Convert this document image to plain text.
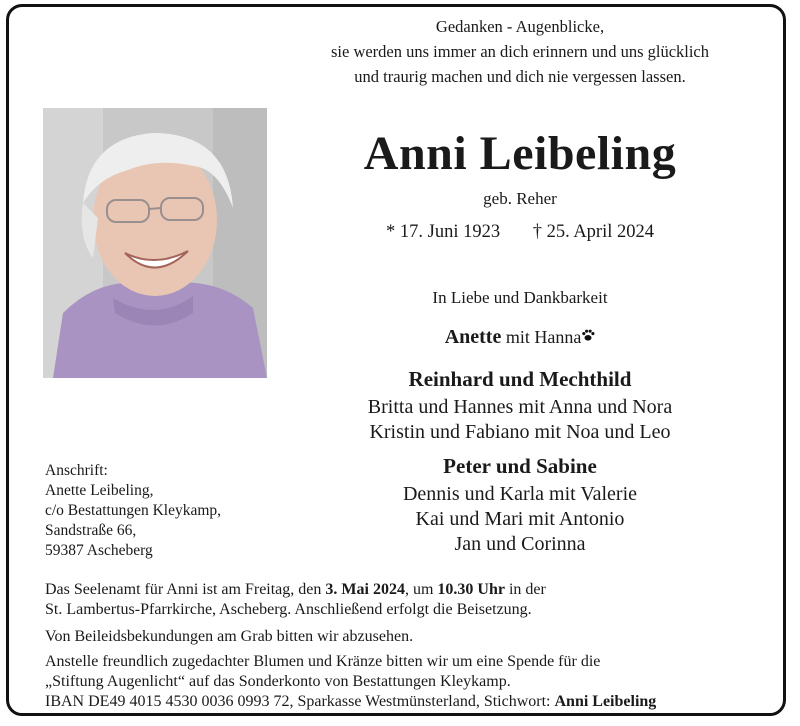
Gedanken - Augenblicke,
sie werden uns immer an dich erinnern und uns glücklich
und traurig machen und dich nie vergessen lassen.
Anni Leibeling
geb. Reher
* 17. Juni 1923 † 25. April 2024
In Liebe und Dankbarkeit
Anette mit Hanna
Reinhard und Mechthild
Britta und Hannes mit Anna und Nora
Kristin und Fabiano mit Noa und Leo
Peter und Sabine
Dennis und Karla mit Valerie
Kai und Mari mit Antonio
Jan und Corinna
Anschrift:
Anette Leibeling,
c/o Bestattungen Kleykamp,
Sandstraße 66,
59387 Ascheberg
Das Seelenamt für Anni ist am Freitag, den 3. Mai 2024, um 10.30 Uhr in der
St. Lambertus-Pfarrkirche, Ascheberg. Anschließend erfolgt die Beisetzung.
Von Beileidsbekundungen am Grab bitten wir abzusehen.
Anstelle freundlich zugedachter Blumen und Kränze bitten wir um eine Spende für die
„Stiftung Augenlicht“ auf das Sonderkonto von Bestattungen Kleykamp.
IBAN DE49 4015 4530 0036 0993 72, Sparkasse Westmünsterland, Stichwort: Anni Leibeling
